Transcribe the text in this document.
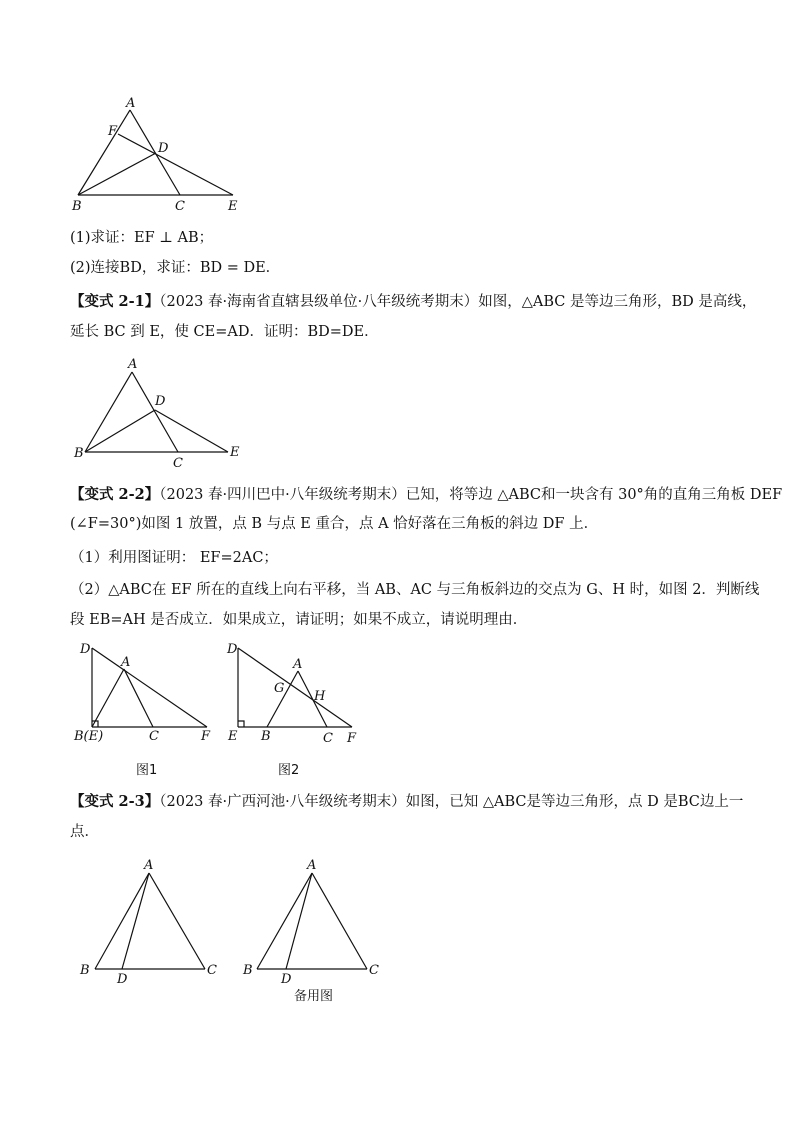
A
F
D
B	C	E
(1)求证：EF ⊥ AB；
(2)连接BD，求证：BD = DE．
【变式 2-1】（2023 春·海南省直辖县级单位·八年级统考期末）如图，△ABC 是等边三角形，BD 是高线，
延长 BC 到 E，使 CE=AD．证明：BD=DE．
A
D
B
C
E
【变式 2-2】（2023 春·四川巴中·八年级统考期末）已知，将等边 △ABC和一块含有 30°角的直角三角板 DEF
(∠F=30°)如图 1 放置，点 B 与点 E 重合，点 A 恰好落在三角板的斜边 DF 上．
（1）利用图证明： EF=2AC；
（2）△ABC在 EF 所在的直线上向右平移，当 AB、AC 与三角板斜边的交点为 G、H 时，如图 2．判断线
段 EB=AH 是否成立．如果成立，请证明；如果不成立，请说明理由．
D
A
B(E)	C	F
图1
D
A
G
H
E B	C F
图2
【变式 2-3】（2023 春·广西河池·八年级统考期末）如图，已知 △ABC是等边三角形，点 D 是BC边上一
点．
A
B
D
C
A
B
D
C
备用图
